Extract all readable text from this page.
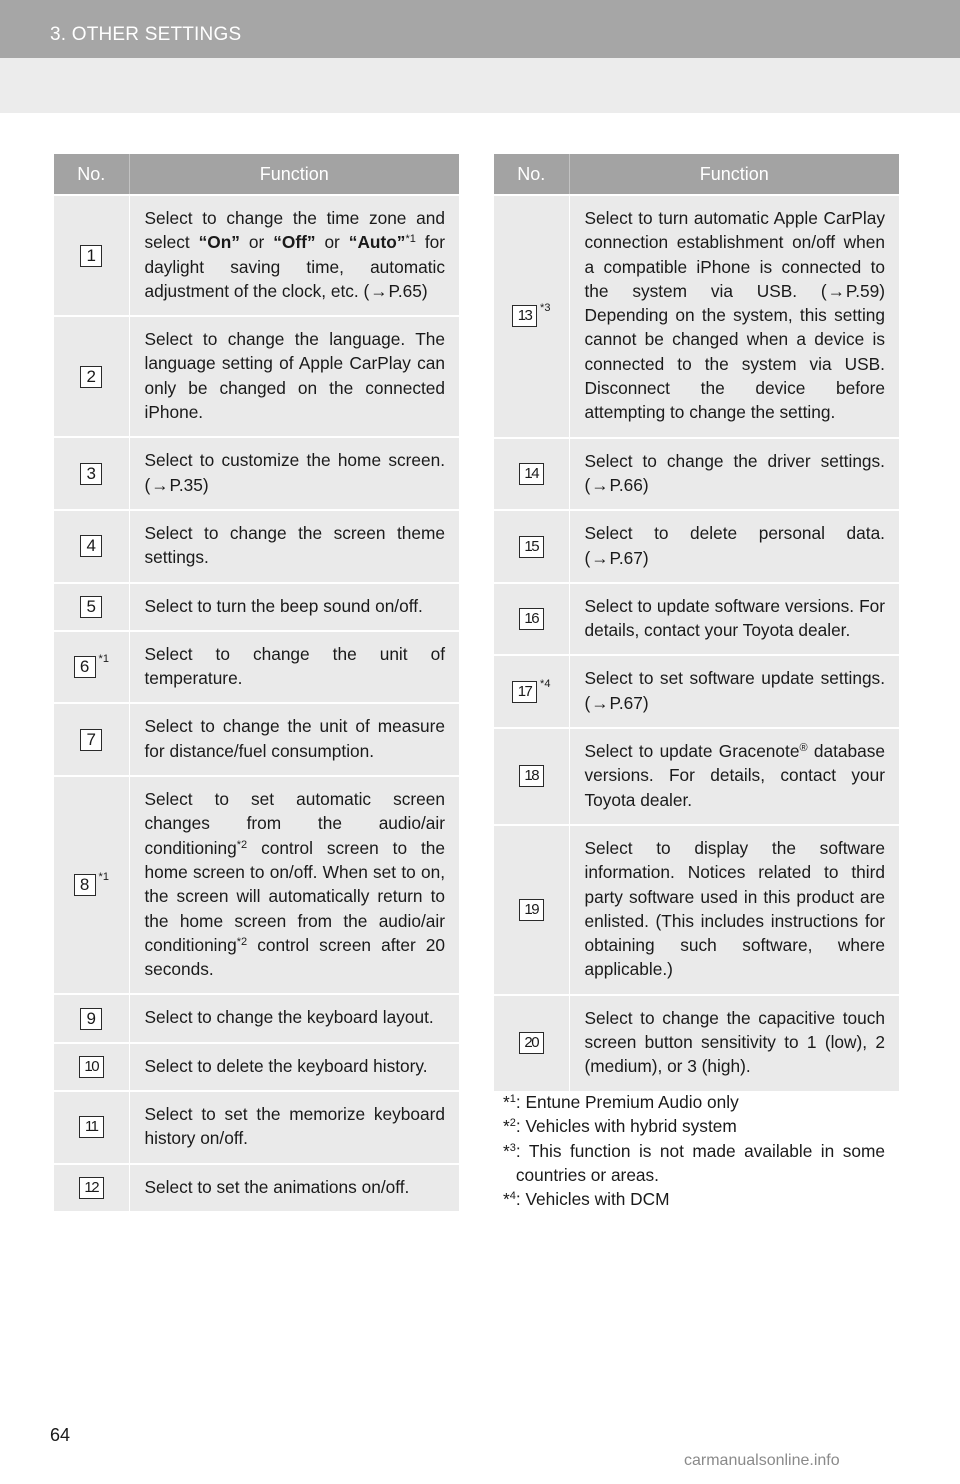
3. OTHER SETTINGS
No.	Function
1	Select to change the time zone and select “On” or “Off” or “Auto”$^{*1}$ for daylight saving time, automatic adjustment of the clock, etc. (→P.65)
2	Select to change the language. The language setting of Apple CarPlay can only be changed on the connected iPhone.
3	Select to customize the home screen. (→P.35)
4	Select to change the screen theme settings.
5	Select to turn the beep sound on/off.
6 $^{*1}$	Select to change the unit of temperature.
7	Select to change the unit of measure for distance/fuel consumption.
8 $^{*1}$	Select to set automatic screen changes from the audio/air conditioning$^{*2}$ control screen to the home screen to on/off. When set to on, the screen will automatically return to the home screen from the audio/air conditioning$^{*2}$ control screen after 20 seconds.
9	Select to change the keyboard layout.
10	Select to delete the keyboard history.
11	Select to set the memorize keyboard history on/off.
12	Select to set the animations on/off.
No.	Function
13 $^{*3}$	Select to turn automatic Apple CarPlay connection establishment on/off when a compatible iPhone is connected to the system via USB. (→P.59) Depending on the system, this setting cannot be changed when a device is connected to the system via USB. Disconnect the device before attempting to change the setting.
14	Select to change the driver settings. (→P.66)
15	Select to delete personal data. (→P.67)
16	Select to update software versions. For details, contact your Toyota dealer.
17 $^{*4}$	Select to set software update settings. (→P.67)
18	Select to update Gracenote® database versions. For details, contact your Toyota dealer.
19	Select to display the software information. Notices related to third party software used in this product are enlisted. (This includes instructions for obtaining such software, where applicable.)
20	Select to change the capacitive touch screen button sensitivity to 1 (low), 2 (medium), or 3 (high).
*$^1$ : Entune Premium Audio only
*$^2$ : Vehicles with hybrid system
*$^3$ : This function is not made available in some countries or areas.
*$^4$ : Vehicles with DCM
64
carmanualsonline.info
